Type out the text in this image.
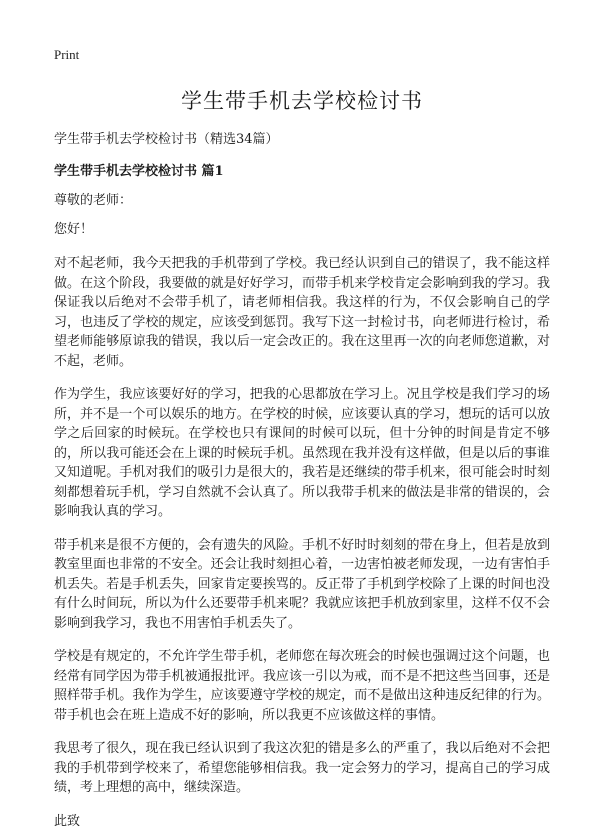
Print
学生带手机去学校检讨书
学生带手机去学校检讨书（精选34篇）
学生带手机去学校检讨书 篇1
尊敬的老师：
您好！

对不起老师，我今天把我的手机带到了学校。我已经认识到自己的错误了，我不能这样做。在这个阶段，我要做的就是好好学习，而带手机来学校肯定会影响到我的学习。我保证我以后绝对不会带手机了，请老师相信我。我这样的行为，不仅会影响自己的学习，也违反了学校的规定，应该受到惩罚。我写下这一封检讨书，向老师进行检讨，希望老师能够原谅我的错误，我以后一定会改正的。我在这里再一次的向老师您道歉，对不起，老师。

作为学生，我应该要好好的学习，把我的心思都放在学习上。况且学校是我们学习的场所，并不是一个可以娱乐的地方。在学校的时候，应该要认真的学习，想玩的话可以放学之后回家的时候玩。在学校也只有课间的时候可以玩，但十分钟的时间是肯定不够的，所以我可能还会在上课的时候玩手机。虽然现在我并没有这样做，但是以后的事谁又知道呢。手机对我们的吸引力是很大的，我若是还继续的带手机来，很可能会时时刻刻都想着玩手机，学习自然就不会认真了。所以我带手机来的做法是非常的错误的，会影响我认真的学习。

带手机来是很不方便的，会有遗失的风险。手机不好时时刻刻的带在身上，但若是放到教室里面也非常的不安全。还会让我时刻担心着，一边害怕被老师发现，一边有害怕手机丢失。若是手机丢失，回家肯定要挨骂的。反正带了手机到学校除了上课的时间也没有什么时间玩，所以为什么还要带手机来呢？我就应该把手机放到家里，这样不仅不会影响到我学习，我也不用害怕手机丢失了。

学校是有规定的，不允许学生带手机，老师您在每次班会的时候也强调过这个问题，也经常有同学因为带手机被通报批评。我应该一引以为戒，而不是不把这些当回事，还是照样带手机。我作为学生，应该要遵守学校的规定，而不是做出这种违反纪律的行为。带手机也会在班上造成不好的影响，所以我更不应该做这样的事情。

我思考了很久，现在我已经认识到了我这次犯的错是多么的严重了，我以后绝对不会把我的手机带到学校来了，希望您能够相信我。我一定会努力的学习，提高自己的学习成绩，考上理想的高中，继续深造。

此致
